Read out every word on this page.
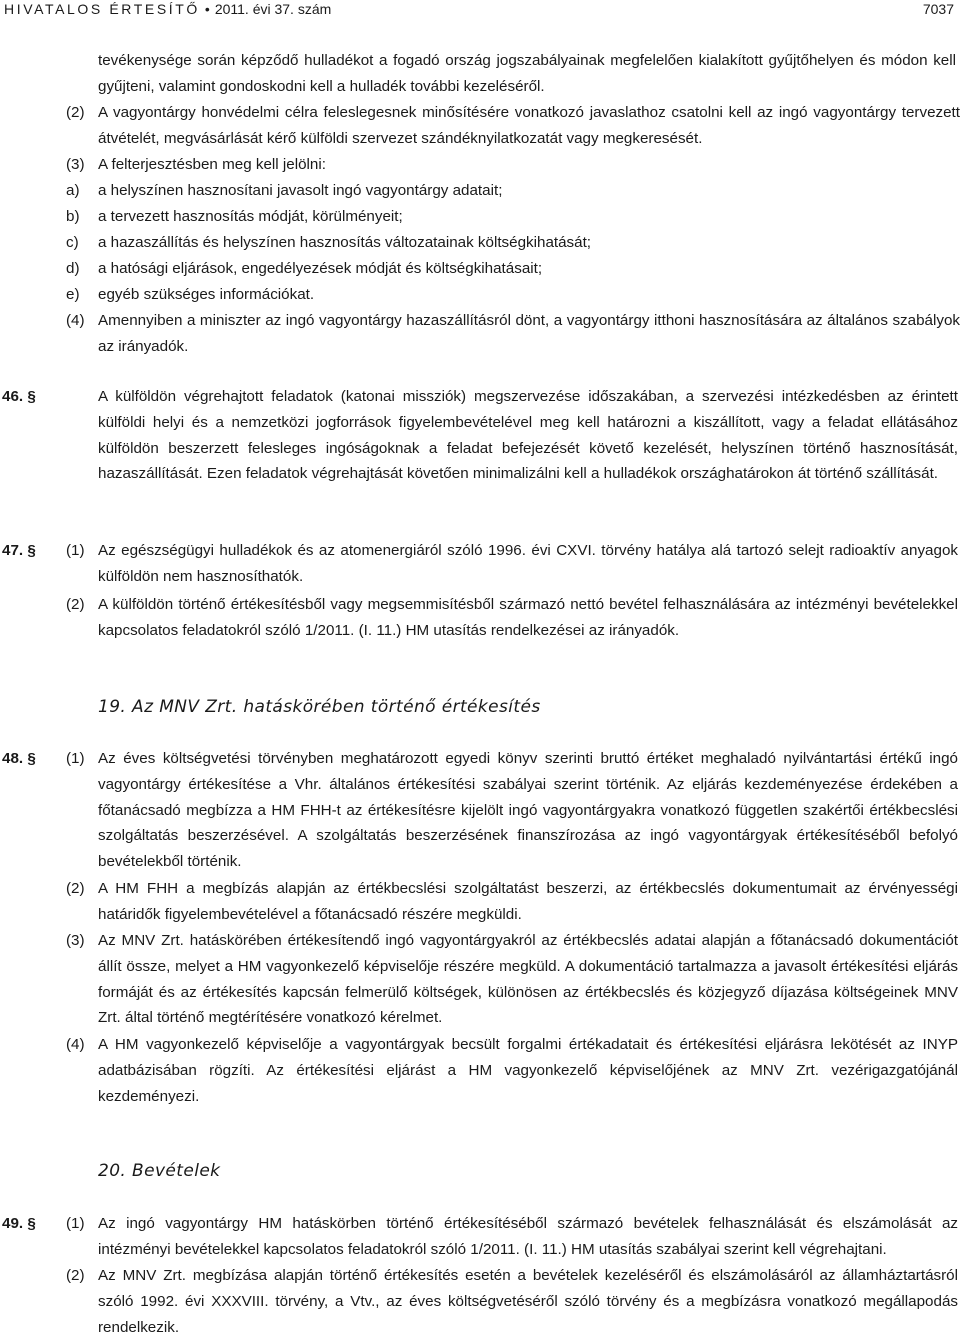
HIVATALOS ÉRTESÍTŐ • 2011. évi 37. szám	7037

tevékenysége során képződő hulladékot a fogadó ország jogszabályainak megfelelően kialakított gyűjtőhelyen és módon kell gyűjteni, valamint gondoskodni kell a hulladék további kezeléséről.

(2) A vagyontárgy honvédelmi célra feleslegesnek minősítésére vonatkozó javaslathoz csatolni kell az ingó vagyontárgy tervezett átvételét, megvásárlását kérő külföldi szervezet szándéknyilatkozatát vagy megkeresését.

(3) A felterjesztésben meg kell jelölni:

a) a helyszínen hasznosítani javasolt ingó vagyontárgy adatait;

b) a tervezett hasznosítás módját, körülményeit;

c) a hazaszállítás és helyszínen hasznosítás változatainak költségkihatását;

d) a hatósági eljárások, engedélyezések módját és költségkihatásait;

e) egyéb szükséges információkat.

(4) Amennyiben a miniszter az ingó vagyontárgy hazaszállításról dönt, a vagyontárgy itthoni hasznosítására az általános szabályok az irányadók.

46. §	A külföldön végrehajtott feladatok (katonai missziók) megszervezése időszakában, a szervezési intézkedésben az érintett külföldi helyi és a nemzetközi jogforrások figyelembevételével meg kell határozni a kiszállított, vagy a feladat ellátásához külföldön beszerzett felesleges ingóságoknak a feladat befejezését követő kezelését, helyszínen történő hasznosítását, hazaszállítását. Ezen feladatok végrehajtását követően minimalizálni kell a hulladékok országhatárokon át történő szállítását.

47. § (1) Az egészségügyi hulladékok és az atomenergiáról szóló 1996. évi CXVI. törvény hatálya alá tartozó selejt radioaktív anyagok külföldön nem hasznosíthatók.

(2) A külföldön történő értékesítésből vagy megsemmisítésből származó nettó bevétel felhasználására az intézményi bevételekkel kapcsolatos feladatokról szóló 1/2011. (I. 11.) HM utasítás rendelkezései az irányadók.

19. Az MNV Zrt. hatáskörében történő értékesítés
48. § (1) Az éves költségvetési törvényben meghatározott egyedi könyv szerinti bruttó értéket meghaladó nyilvántartási értékű ingó vagyontárgy értékesítése a Vhr. általános értékesítési szabályai szerint történik. Az eljárás kezdeményezése érdekében a főtanácsadó megbízza a HM FHH-t az értékesítésre kijelölt ingó vagyontárgyakra vonatkozó független szakértői értékbecslési szolgáltatás beszerzésével. A szolgáltatás beszerzésének finanszírozása az ingó vagyontárgyak értékesítéséből befolyó bevételekből történik.

(2) A HM FHH a megbízás alapján az értékbecslési szolgáltatást beszerzi, az értékbecslés dokumentumait az érvényességi határidők figyelembevételével a főtanácsadó részére megküldi.

(3) Az MNV Zrt. hatáskörében értékesítendő ingó vagyontárgyakról az értékbecslés adatai alapján a főtanácsadó dokumentációt állít össze, melyet a HM vagyonkezelő képviselője részére megküld. A dokumentáció tartalmazza a javasolt értékesítési eljárás formáját és az értékesítés kapcsán felmerülő költségek, különösen az értékbecslés és közjegyző díjazása költségeinek MNV Zrt. által történő megtérítésére vonatkozó kérelmet.

(4) A HM vagyonkezelő képviselője a vagyontárgyak becsült forgalmi értékadatait és értékesítési eljárásra lekötését az INYP adatbázisában rögzíti. Az értékesítési eljárást a HM vagyonkezelő képviselőjének az MNV Zrt. vezérigazgatójánál kezdeményezi.

20. Bevételek
49. § (1) Az ingó vagyontárgy HM hatáskörben történő értékesítéséből származó bevételek felhasználását és elszámolását az intézményi bevételekkel kapcsolatos feladatokról szóló 1/2011. (I. 11.) HM utasítás szabályai szerint kell végrehajtani.

(2) Az MNV Zrt. megbízása alapján történő értékesítés esetén a bevételek kezeléséről és elszámolásáról az államháztartásról szóló 1992. évi XXXVIII. törvény, a Vtv., az éves költségvetéséről szóló törvény és a megbízásra vonatkozó megállapodás rendelkezik.
